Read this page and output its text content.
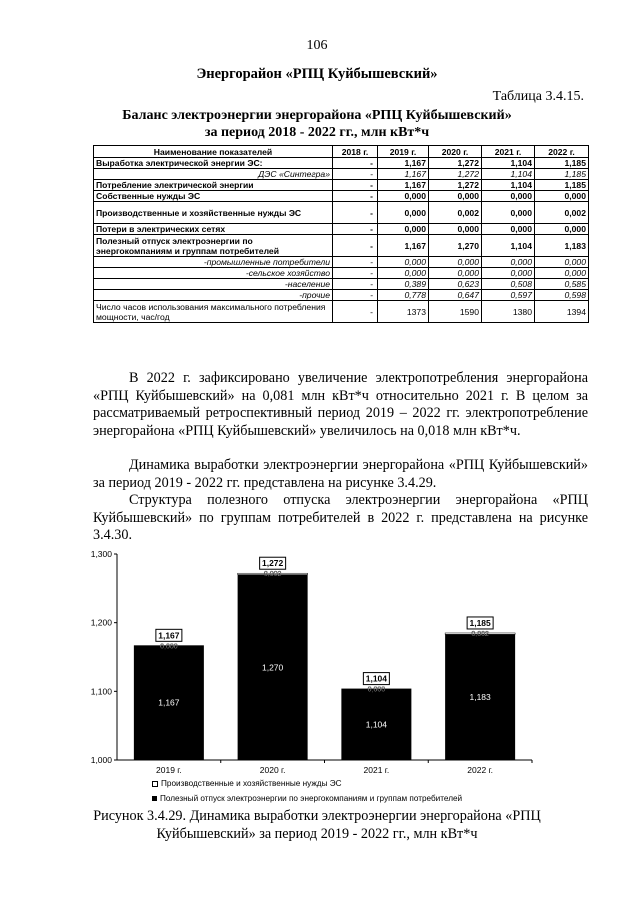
106
Энергорайон «РПЦ Куйбышевский»
Таблица 3.4.15.
Баланс электроэнергии энергорайона «РПЦ Куйбышевский»
за период 2018 - 2022 гг., млн кВт*ч
Наименование показателей	2018 г.	2019 г.	2020 г.	2021 г.	2022 г.
Выработка электрической энергии ЭС:	-	1,167	1,272	1,104	1,185
ДЭС «Синтегра»	-	1,167	1,272	1,104	1,185
Потребление электрической энергии	-	1,167	1,272	1,104	1,185
Собственные нужды ЭС	-	0,000	0,000	0,000	0,000
Производственные и хозяйственные нужды ЭС	-	0,000	0,002	0,000	0,002
Потери в электрических сетях	-	0,000	0,000	0,000	0,000
Полезный отпуск электроэнергии по энергокомпаниям и группам потребителей	-	1,167	1,270	1,104	1,183
-промышленные потребители	-	0,000	0,000	0,000	0,000
-сельское хозяйство	-	0,000	0,000	0,000	0,000
-население	-	0,389	0,623	0,508	0,585
-прочие	-	0,778	0,647	0,597	0,598
Число часов использования максимального потребления мощности, час/год	-	1373	1590	1380	1394
В 2022 г. зафиксировано увеличение электропотребления энергорайона «РПЦ Куйбышевский» на 0,081 млн кВт*ч относительно 2021 г. В целом за рассматриваемый ретроспективный период 2019 – 2022 гг. электропотребление энергорайона «РПЦ Куйбышевский» увеличилось на 0,018 млн кВт*ч.
Динамика выработки электроэнергии энергорайона «РПЦ Куйбышевский» за период 2019 - 2022 гг. представлена на рисунке 3.4.29.
Структура полезного отпуска электроэнергии энергорайона «РПЦ Куйбышевский» по группам потребителей в 2022 г. представлена на рисунке 3.4.30.
1,000
1,100
1,200
1,300
2019 г.	2020 г.	2021 г.	2022 г.
1,167
0,000
1,167
1,270
0,002
1,272
1,104
0,000
1,104
1,183
0,002
1,185
Производственные и хозяйственные нужды ЭС
Полезный отпуск электроэнергии по энергокомпаниям и группам потребителей
Рисунок 3.4.29. Динамика выработки электроэнергии энергорайона «РПЦ
Куйбышевский» за период 2019 - 2022 гг., млн кВт*ч
